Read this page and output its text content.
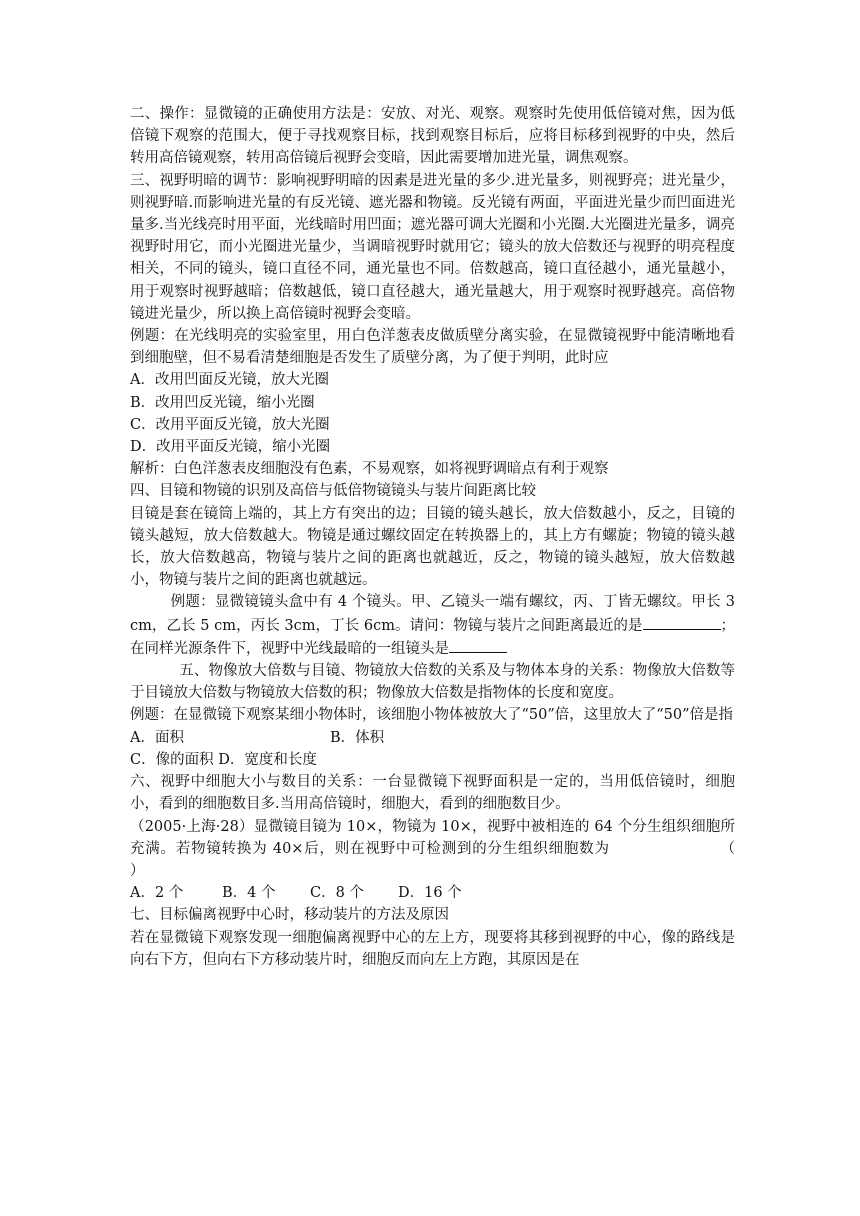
二、操作：显微镜的正确使用方法是：安放、对光、观察。观察时先使用低倍镜对焦，因为低倍镜下观察的范围大，便于寻找观察目标，找到观察目标后，应将目标移到视野的中央，然后转用高倍镜观察，转用高倍镜后视野会变暗，因此需要增加进光量，调焦观察。

三、视野明暗的调节：影响视野明暗的因素是进光量的多少.进光量多，则视野亮；进光量少，则视野暗.而影响进光量的有反光镜、遮光器和物镜。反光镜有两面，平面进光量少而凹面进光量多.当光线亮时用平面，光线暗时用凹面；遮光器可调大光圈和小光圈.大光圈进光量多，调亮视野时用它，而小光圈进光量少，当调暗视野时就用它；镜头的放大倍数还与视野的明亮程度相关，不同的镜头，镜口直径不同，通光量也不同。倍数越高，镜口直径越小，通光量越小，用于观察时视野越暗；倍数越低，镜口直径越大，通光量越大，用于观察时视野越亮。高倍物镜进光量少，所以换上高倍镜时视野会变暗。

例题：在光线明亮的实验室里，用白色洋葱表皮做质壁分离实验，在显微镜视野中能清晰地看到细胞壁，但不易看清楚细胞是否发生了质壁分离，为了便于判明，此时应

A．改用凹面反光镜，放大光圈

B．改用凹反光镜，缩小光圈

C．改用平面反光镜，放大光圈

D．改用平面反光镜，缩小光圈

解析：白色洋葱表皮细胞没有色素，不易观察，如将视野调暗点有利于观察

四、目镜和物镜的识别及高倍与低倍物镜镜头与装片间距离比较

目镜是套在镜筒上端的，其上方有突出的边；目镜的镜头越长，放大倍数越小，反之，目镜的镜头越短，放大倍数越大。物镜是通过螺纹固定在转换器上的，其上方有螺旋；物镜的镜头越长，放大倍数越高，物镜与装片之间的距离也就越近，反之，物镜的镜头越短，放大倍数越小，物镜与装片之间的距离也就越远。

例题：显微镜镜头盒中有 4 个镜头。甲、乙镜头一端有螺纹，丙、丁皆无螺纹。甲长 3 cm，乙长 5 cm，丙长 3cm，丁长 6cm。请问：物镜与装片之间距离最近的是	；在同样光源条件下，视野中光线最暗的一组镜头是

五、物像放大倍数与目镜、物镜放大倍数的关系及与物体本身的关系：物像放大倍数等于目镜放大倍数与物镜放大倍数的积；物像放大倍数是指物体的长度和宽度。

例题：在显微镜下观察某细小物体时，该细胞小物体被放大了“50”倍，这里放大了“50”倍是指

A．面积	B．体积

C．像的面积 D．宽度和长度

六、视野中细胞大小与数目的关系：一台显微镜下视野面积是一定的，当用低倍镜时，细胞小，看到的细胞数目多.当用高倍镜时，细胞大，看到的细胞数目少。

（2005·上海·28）显微镜目镜为 10×，物镜为 10×，视野中被相连的 64 个分生组织细胞所充满。若物镜转换为 40×后，则在视野中可检测到的分生组织细胞数为	（　　）

A．2 个	B．4 个	C．8 个	D．16 个

七、目标偏离视野中心时，移动装片的方法及原因

若在显微镜下观察发现一细胞偏离视野中心的左上方，现要将其移到视野的中心，像的路线是向右下方，但向右下方移动装片时，细胞反而向左上方跑，其原因是在
